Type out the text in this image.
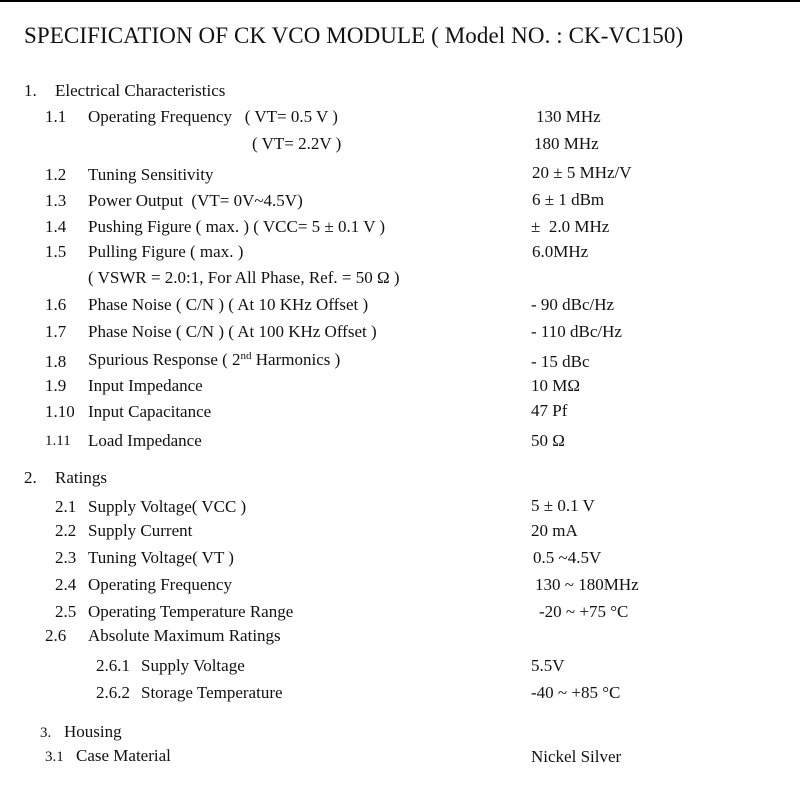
SPECIFICATION OF CK VCO MODULE ( Model NO. : CK-VC150)
1. Electrical Characteristics
1.1 Operating Frequency   ( VT= 0.5 V )	130 MHz
( VT= 2.2V )	180 MHz
1.2 Tuning Sensitivity	20 ± 5 MHz/V
1.3 Power Output  (VT= 0V~4.5V)	6 ± 1 dBm
1.4 Pushing Figure ( max. ) ( VCC= 5 ± 0.1 V )	±  2.0 MHz
1.5 Pulling Figure ( max. )	6.0MHz
( VSWR = 2.0:1, For All Phase, Ref. = 50 Ω )
1.6 Phase Noise ( C/N ) ( At 10 KHz Offset )	- 90 dBc/Hz
1.7 Phase Noise ( C/N ) ( At 100 KHz Offset )	- 110 dBc/Hz
1.8 Spurious Response ( 2nd Harmonics )	- 15 dBc
1.9 Input Impedance	10 MΩ
1.10 Input Capacitance	47 Pf
1.11 Load Impedance	50 Ω
2. Ratings
2.1 Supply Voltage( VCC )	5 ± 0.1 V
2.2 Supply Current	20 mA
2.3 Tuning Voltage( VT )	0.5 ~4.5V
2.4 Operating Frequency	130 ~ 180MHz
2.5 Operating Temperature Range	-20 ~ +75 °C
2.6 Absolute Maximum Ratings
2.6.1 Supply Voltage	5.5V
2.6.2 Storage Temperature	-40 ~ +85 °C
3. Housing
3.1 Case Material	Nickel Silver
